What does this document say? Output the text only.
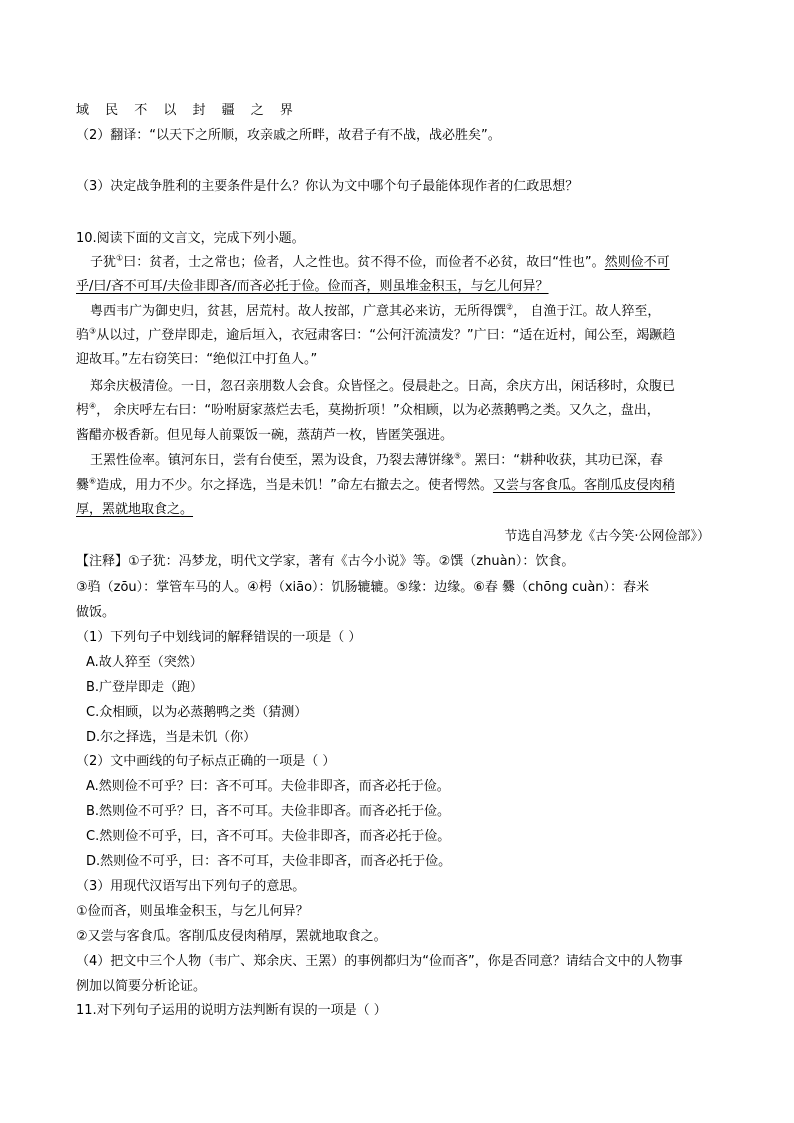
域 民 不 以 封 疆 之 界
（2）翻译：“以天下之所顺，攻亲戚之所畔，故君子有不战，战必胜矣”。
（3）决定战争胜利的主要条件是什么？你认为文中哪个句子最能体现作者的仁政思想？
10.阅读下面的文言文，完成下列小题。
子犹①曰：贫者，士之常也；俭者，人之性也。贫不得不俭，而俭者不必贫，故曰“性也”。然则俭不可
乎/曰/吝不可耳/夫俭非即吝/而吝必托于俭。俭而吝，则虽堆金积玉，与乞儿何异？
粤西韦广为御史归，贫甚，居荒村。故人按部，广意其必来访，无所得馔②， 自渔于江。故人猝至，
驺③从以过，广登岸即走，逾后垣入，衣冠肃客曰：“公何汗流渍发？”广曰：“适在近村，闻公至，竭蹶趋
迎故耳。”左右窃笑曰：“绝似江中打鱼人。”
郑余庆极清俭。一日，忽召亲朋数人会食。众皆怪之。侵晨赴之。日高，余庆方出，闲话移时，众腹已
枵④， 余庆呼左右曰：“吩咐厨家蒸烂去毛，莫拗折项！”众相顾，以为必蒸鹅鸭之类。又久之，盘出，
酱醋亦极香新。但见每人前粟饭一碗，蒸葫芦一枚，皆匿笑强进。
王罴性俭率。镇河东日，尝有台使至，罴为设食，乃裂去薄饼缘⑤。罴曰：“耕种收获，其功已深，春
爨⑥造成，用力不少。尔之择选，当是未饥！”命左右撤去之。使者愕然。又尝与客食瓜。客削瓜皮侵肉稍
厚，罴就地取食之。
节选自冯梦龙《古今笑·公网俭部》）
【注释】①子犹：冯梦龙，明代文学家，著有《古今小说》等。②馔（zhuàn）：饮食。
③驺（zōu）：掌管车马的人。④枵（xiāo）：饥肠辘辘。⑤缘：边缘。⑥春 爨（chōng cuàn）：舂米
做饭。
（1）下列句子中划线词的解释错误的一项是（ ）
A.故人猝至（突然）
B.广登岸即走（跑）
C.众相顾，以为必蒸鹅鸭之类（猜测）
D.尔之择选，当是未饥（你）
（2）文中画线的句子标点正确的一项是（ ）
A.然则俭不可乎？曰：吝不可耳。夫俭非即吝，而吝必托于俭。
B.然则俭不可乎？曰，吝不可耳。夫俭非即吝。而吝必托于俭。
C.然则俭不可乎，曰，吝不可耳。夫俭非即吝，而吝必托于俭。
D.然则俭不可乎，曰：吝不可耳，夫俭非即吝，而吝必托于俭。
（3）用现代汉语写出下列句子的意思。
①俭而吝，则虽堆金积玉，与乞儿何异？
②又尝与客食瓜。客削瓜皮侵肉稍厚，罴就地取食之。
（4）把文中三个人物（韦广、郑余庆、王罴）的事例都归为“俭而吝”，你是否同意？请结合文中的人物事
例加以简要分析论证。
11.对下列句子运用的说明方法判断有误的一项是（ ）
